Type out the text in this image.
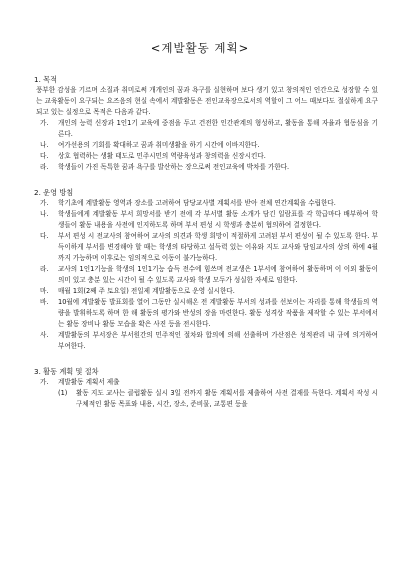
<계발활동 계획>
1. 목적
풍부한 감성을 기르며 소질과 취미로써 개개인의 꿈과 욕구를 실현하며 보다 생기 있고 창의적인 인간으로 성장할 수 있는 교육활동이 요구되는 요즈음의 현실 속에서 계발활동은 전인교육장으로서의 역할이 그 어느 때보다도 절실하게 요구되고 있는 실정으로 목적은 다음과 같다.
가. 개인의 능력 신장과 1인1기 교육에 중점을 두고 건전한 인간관계의 형성하고, 활동을 통해 자율과 협동심을 기른다.
나. 여가선용의 기회를 확대하고 꿈과 취미생활을 하기 시간에 이바지한다.
다. 상호 협력하는 생활 태도로 민주시민의 역량육성과 창의력을 신장시킨다.
라. 학생들이 가진 독특한 꿈과 욕구를 발산하는 장으로써 전인교육에 박차를 가한다.
2. 운영 방침
가. 학기초에 계발활동 영역과 장소를 고려하여 담당교사별 계획서를 받아 전체 연간계획을 수립한다.
나. 학생들에게 계발활동 부서 희망서를 받기 전에 각 부서별 활동 소개가 담긴 일람표를 각 학급마다 배부하여 학 생들이 활동 내용을 사전에 인지하도록 하며 부서 편성 시 학생과 충분히 협의하여 결정한다.
다. 부서 편성 시 전교사의 참여하여 교사의 의견과 학생 희망이 적절하게 고려된 부서 편성이 될 수 있도록 한다. 부득이하게 부서를 변경해야 할 때는 학생의 타당하고 설득력 있는 이유와 지도 교사와 담임교사의 상의 하에 4월까지 가능하며 이후로는 임의적으로 이동이 불가능하다.
라. 교사의 1인1기능을 학생의 1인1기능 습득 전수에 힘쓰며 전교생은 1부서에 참여하여 활동하며 이 이외 활동이 의미 있고 충분 있는 시간이 될 수 있도록 교사와 학생 모두가 성실한 자세로 임한다.
마. 매월 1회(2째 주 토요일) 전일제 계발활동으로 운영 실시한다.
바. 10월에 계발활동 발표회를 열어 그동안 실시해온 전 계발활동 부서의 성과를 선보이는 자리를 통해 학생들의 역량을 발휘하도록 하며 한 해 활동의 평가와 반성의 장을 마련한다. 활동 성격상 작품을 제작할 수 있는 부서에서는 활동 장비나 활동 모습을 확은 사진 등을 전시한다.
사. 계발활동의 부서장은 부서원간의 민주적인 절차와 합의에 의해 선출하며 가산점은 성적관리 내 규에 의거하여 부여한다.
3. 활동 계획 및 절차
가. 계발활동 계획서 제출
(1) 활동 지도 교사는 클럽활동 실시 3일 전까지 활동 계획서를 제출하여 사전 결재를 득한다. 계획서 작성 시 구체적인 활동 목표와 내용, 시간, 장소, 준비물, 교통편 등을
